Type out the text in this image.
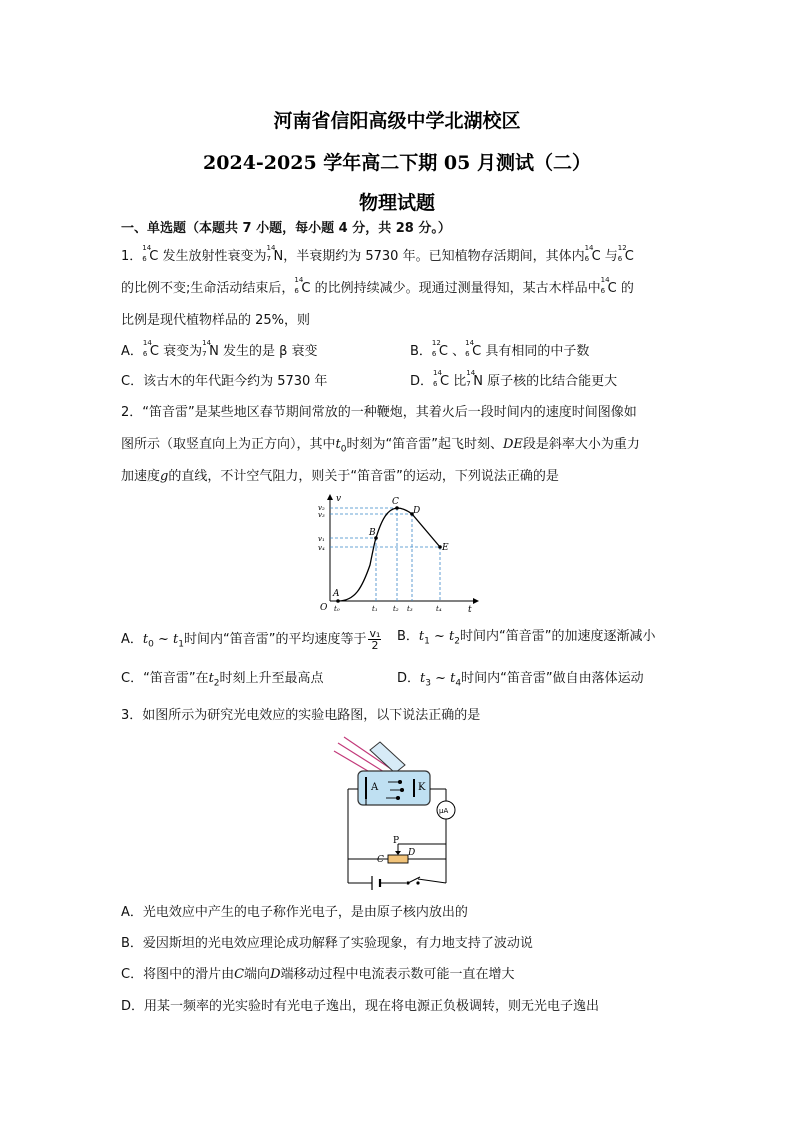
河南省信阳高级中学北湖校区
2024-2025 学年高二下期 05 月测试（二）
物理试题
一、单选题（本题共 7 小题，每小题 4 分，共 28 分。）
1．
14
6 C 发生放射性衰变为
14
7 N，半衰期约为 5730 年。已知植物存活期间，其体内
14
6 C 与
12
6 C
的比例不变;生命活动结束后，
14
6 C 的比例持续减少。现通过测量得知，某古木样品中
14
6 C 的
比例是现代植物样品的 25%，则
A．
14
6 C 衰变为
14
7 N 发生的是 β 衰变	B．
12
6 C 、
14
6 C 具有相同的中子数
C．该古木的年代距今约为 5730 年	D．
14
6 C 比
14
7 N 原子核的比结合能更大
2．“笛音雷”是某些地区春节期间常放的一种鞭炮，其着火后一段时间内的速度时间图像如
图所示（取竖直向上为正方向），其中$t_0$时刻为“笛音雷”起飞时刻、DE段是斜率大小为重力
加速度g的直线，不计空气阻力，则关于“笛音雷”的运动，下列说法正确的是
v
t
O
v₂
v₃
v₁
v₄
t₀	t₁ t₂ t₃	t₄
A
B
C
D
E
A．$t_0$ ~ $t_1$时间内“笛音雷”的平均速度等于 $\frac{\text{v₁}}{2}$ B．$t_1$ ~ $t_2$时间内“笛音雷”的加速度逐渐减小
C．“笛音雷”在$t_2$时刻上升至最高点	D．$t_3$ ~ $t_4$时间内“笛音雷”做自由落体运动
3．如图所示为研究光电效应的实验电路图，以下说法正确的是
A	K
μA
P
C
D
A．光电效应中产生的电子称作光电子，是由原子核内放出的
B．爱因斯坦的光电效应理论成功解释了实验现象，有力地支持了波动说
C．将图中的滑片由C端向D端移动过程中电流表示数可能一直在增大
D．用某一频率的光实验时有光电子逸出，现在将电源正负极调转，则无光电子逸出
